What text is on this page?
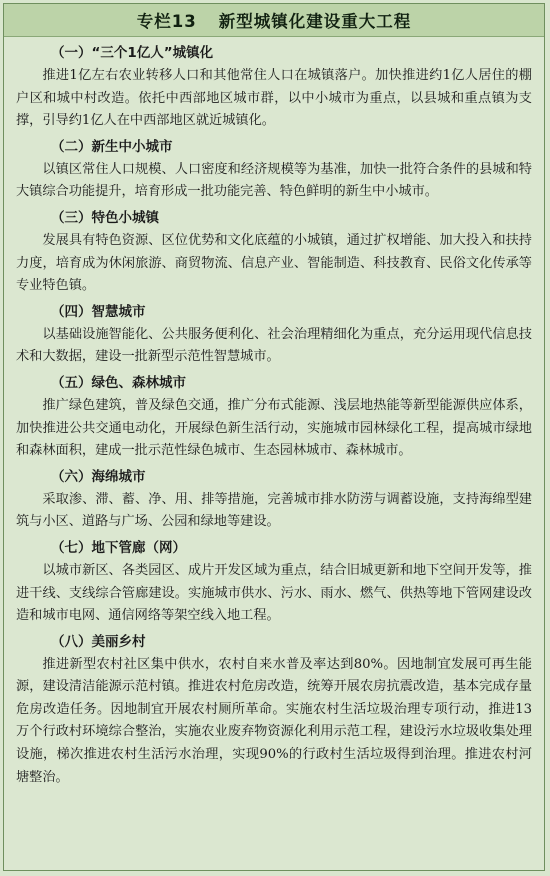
专栏13 新型城镇化建设重大工程
（一）“三个1亿人”城镇化

推进1亿左右农业转移人口和其他常住人口在城镇落户。加快推进约1亿人居住的棚户区和城中村改造。依托中西部地区城市群，以中小城市为重点，以县城和重点镇为支撑，引导约1亿人在中西部地区就近城镇化。

（二）新生中小城市

以镇区常住人口规模、人口密度和经济规模等为基准，加快一批符合条件的县城和特大镇综合功能提升，培育形成一批功能完善、特色鲜明的新生中小城市。

（三）特色小城镇

发展具有特色资源、区位优势和文化底蕴的小城镇，通过扩权增能、加大投入和扶持力度，培育成为休闲旅游、商贸物流、信息产业、智能制造、科技教育、民俗文化传承等专业特色镇。

（四）智慧城市

以基础设施智能化、公共服务便利化、社会治理精细化为重点，充分运用现代信息技术和大数据，建设一批新型示范性智慧城市。

（五）绿色、森林城市

推广绿色建筑，普及绿色交通，推广分布式能源、浅层地热能等新型能源供应体系，加快推进公共交通电动化，开展绿色新生活行动，实施城市园林绿化工程，提高城市绿地和森林面积，建成一批示范性绿色城市、生态园林城市、森林城市。

（六）海绵城市

采取渗、滞、蓄、净、用、排等措施，完善城市排水防涝与调蓄设施，支持海绵型建筑与小区、道路与广场、公园和绿地等建设。

（七）地下管廊（网）

以城市新区、各类园区、成片开发区域为重点，结合旧城更新和地下空间开发等，推进干线、支线综合管廊建设。实施城市供水、污水、雨水、燃气、供热等地下管网建设改造和城市电网、通信网络等架空线入地工程。

（八）美丽乡村

推进新型农村社区集中供水，农村自来水普及率达到80%。因地制宜发展可再生能源，建设清洁能源示范村镇。推进农村危房改造，统筹开展农房抗震改造，基本完成存量危房改造任务。因地制宜开展农村厕所革命。实施农村生活垃圾治理专项行动，推进13万个行政村环境综合整治，实施农业废弃物资源化利用示范工程，建设污水垃圾收集处理设施，梯次推进农村生活污水治理，实现90%的行政村生活垃圾得到治理。推进农村河塘整治。
